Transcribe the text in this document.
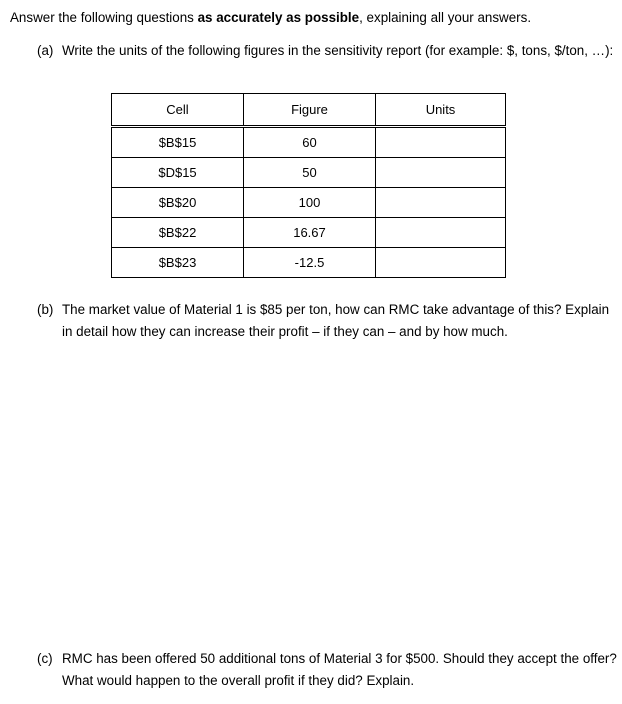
Answer the following questions as accurately as possible, explaining all your answers.
(a) Write the units of the following figures in the sensitivity report (for example: $, tons, $/ton, …):
Cell	Figure	Units
$B$15	60	
$D$15	50	
$B$20	100	
$B$22	16.67	
$B$23	-12.5	
(b) The market value of Material 1 is $85 per ton, how can RMC take advantage of this? Explain in detail how they can increase their profit – if they can – and by how much.
(c) RMC has been offered 50 additional tons of Material 3 for $500. Should they accept the offer? What would happen to the overall profit if they did? Explain.
